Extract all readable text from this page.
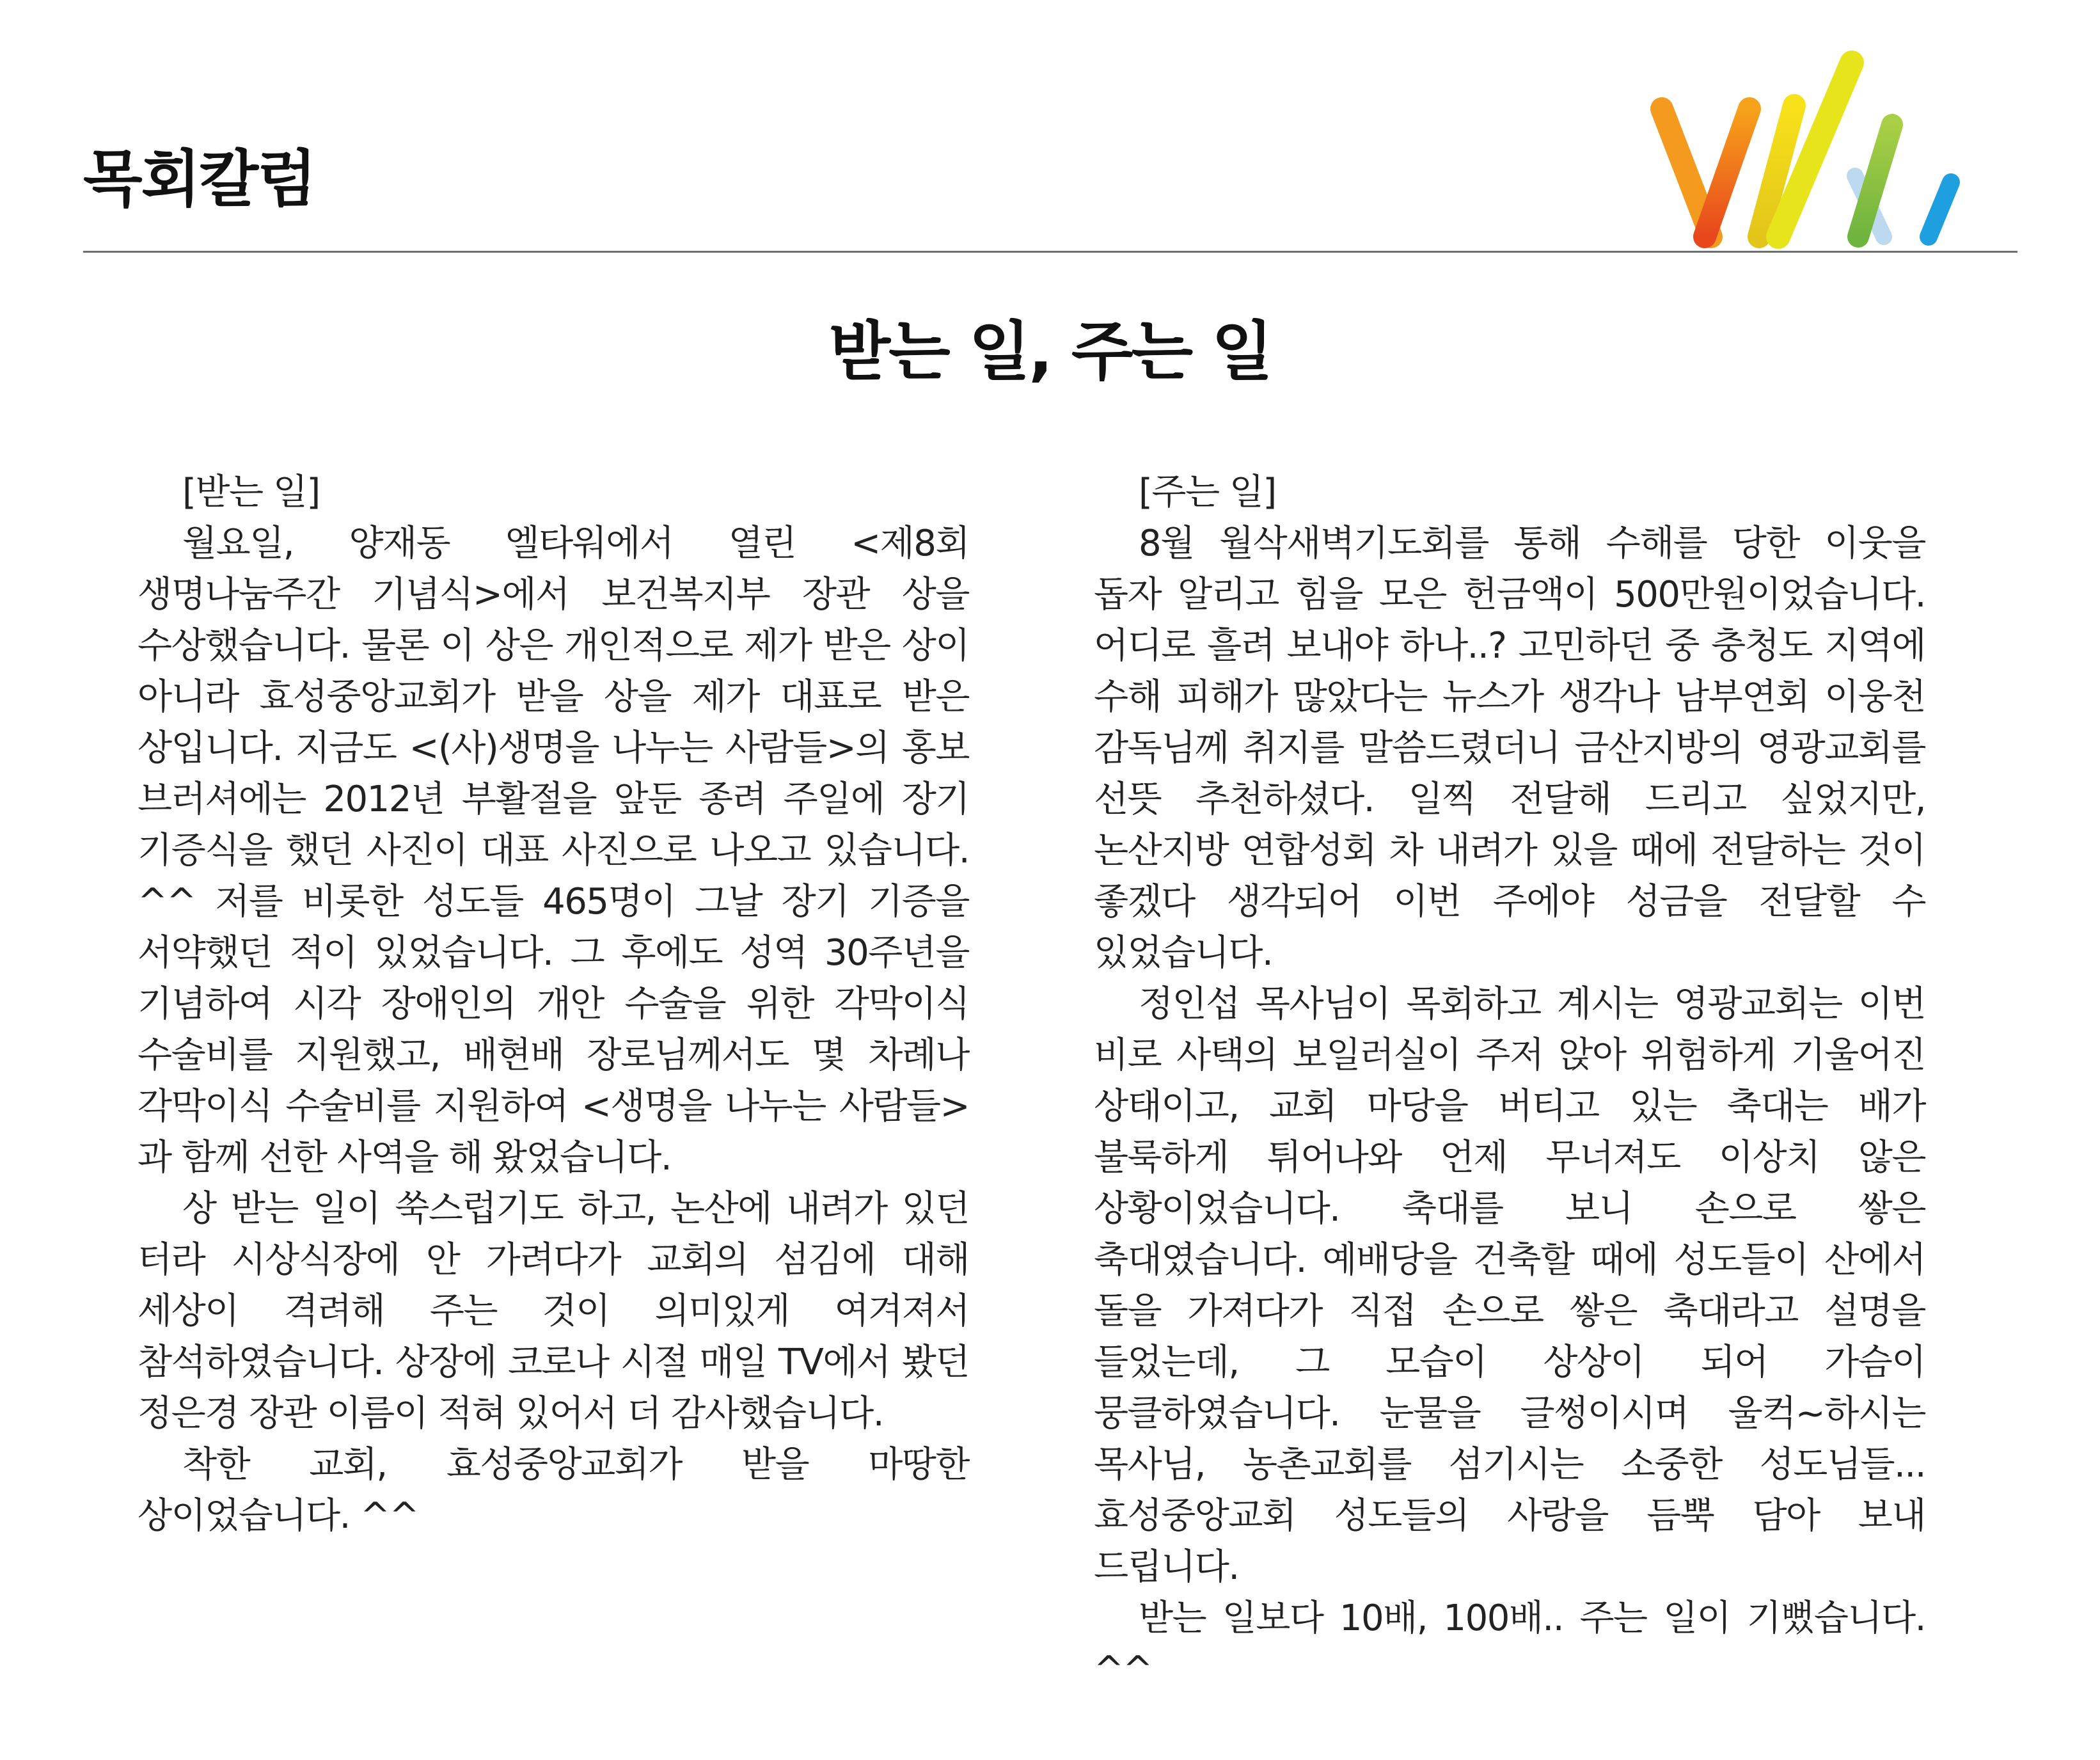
목회칼럼
받는 일, 주는 일

[받는 일]

월요일, 양재동 엘타워에서 열린 <제8회 생명나눔주간 기념식>에서 보건복지부 장관 상을 수상했습니다. 물론 이 상은 개인적으로 제가 받은 상이 아니라 효성중앙교회가 받을 상을 제가 대표로 받은 상입니다. 지금도 <(사)생명을 나누는 사람들>의 홍보 브러셔에는 2012년 부활절을 앞둔 종려 주일에 장기 기증식을 했던 사진이 대표 사진으로 나오고 있습니다. ^^ 저를 비롯한 성도들 465명이 그날 장기 기증을 서약했던 적이 있었습니다. 그 후에도 성역 30주년을 기념하여 시각 장애인의 개안 수술을 위한 각막이식 수술비를 지원했고, 배현배 장로님께서도 몇 차례나 각막이식 수술비를 지원하여 <생명을 나누는 사람들>과 함께 선한 사역을 해 왔었습니다.

상 받는 일이 쑥스럽기도 하고, 논산에 내려가 있던 터라 시상식장에 안 가려다가 교회의 섬김에 대해 세상이 격려해 주는 것이 의미있게 여겨져서 참석하였습니다. 상장에 코로나 시절 매일 TV에서 봤던 정은경 장관 이름이 적혀 있어서 더 감사했습니다.

착한 교회, 효성중앙교회가 받을 마땅한 상이었습니다. ^^

[주는 일]

8월 월삭새벽기도회를 통해 수해를 당한 이웃을 돕자 알리고 힘을 모은 헌금액이 500만원이었습니다. 어디로 흘려 보내야 하나..? 고민하던 중 충청도 지역에 수해 피해가 많았다는 뉴스가 생각나 남부연회 이웅천 감독님께 취지를 말씀드렸더니 금산지방의 영광교회를 선뜻 추천하셨다. 일찍 전달해 드리고 싶었지만, 논산지방 연합성회 차 내려가 있을 때에 전달하는 것이 좋겠다 생각되어 이번 주에야 성금을 전달할 수 있었습니다.

정인섭 목사님이 목회하고 계시는 영광교회는 이번 비로 사택의 보일러실이 주저 앉아 위험하게 기울어진 상태이고, 교회 마당을 버티고 있는 축대는 배가 불룩하게 튀어나와 언제 무너져도 이상치 않은 상황이었습니다. 축대를 보니 손으로 쌓은 축대였습니다. 예배당을 건축할 때에 성도들이 산에서 돌을 가져다가 직접 손으로 쌓은 축대라고 설명을 들었는데, 그 모습이 상상이 되어 가슴이 뭉클하였습니다. 눈물을 글썽이시며 울컥~하시는 목사님, 농촌교회를 섬기시는 소중한 성도님들... 효성중앙교회 성도들의 사랑을 듬뿍 담아 보내 드립니다.

받는 일보다 10배, 100배.. 주는 일이 기뻤습니다. ^^
